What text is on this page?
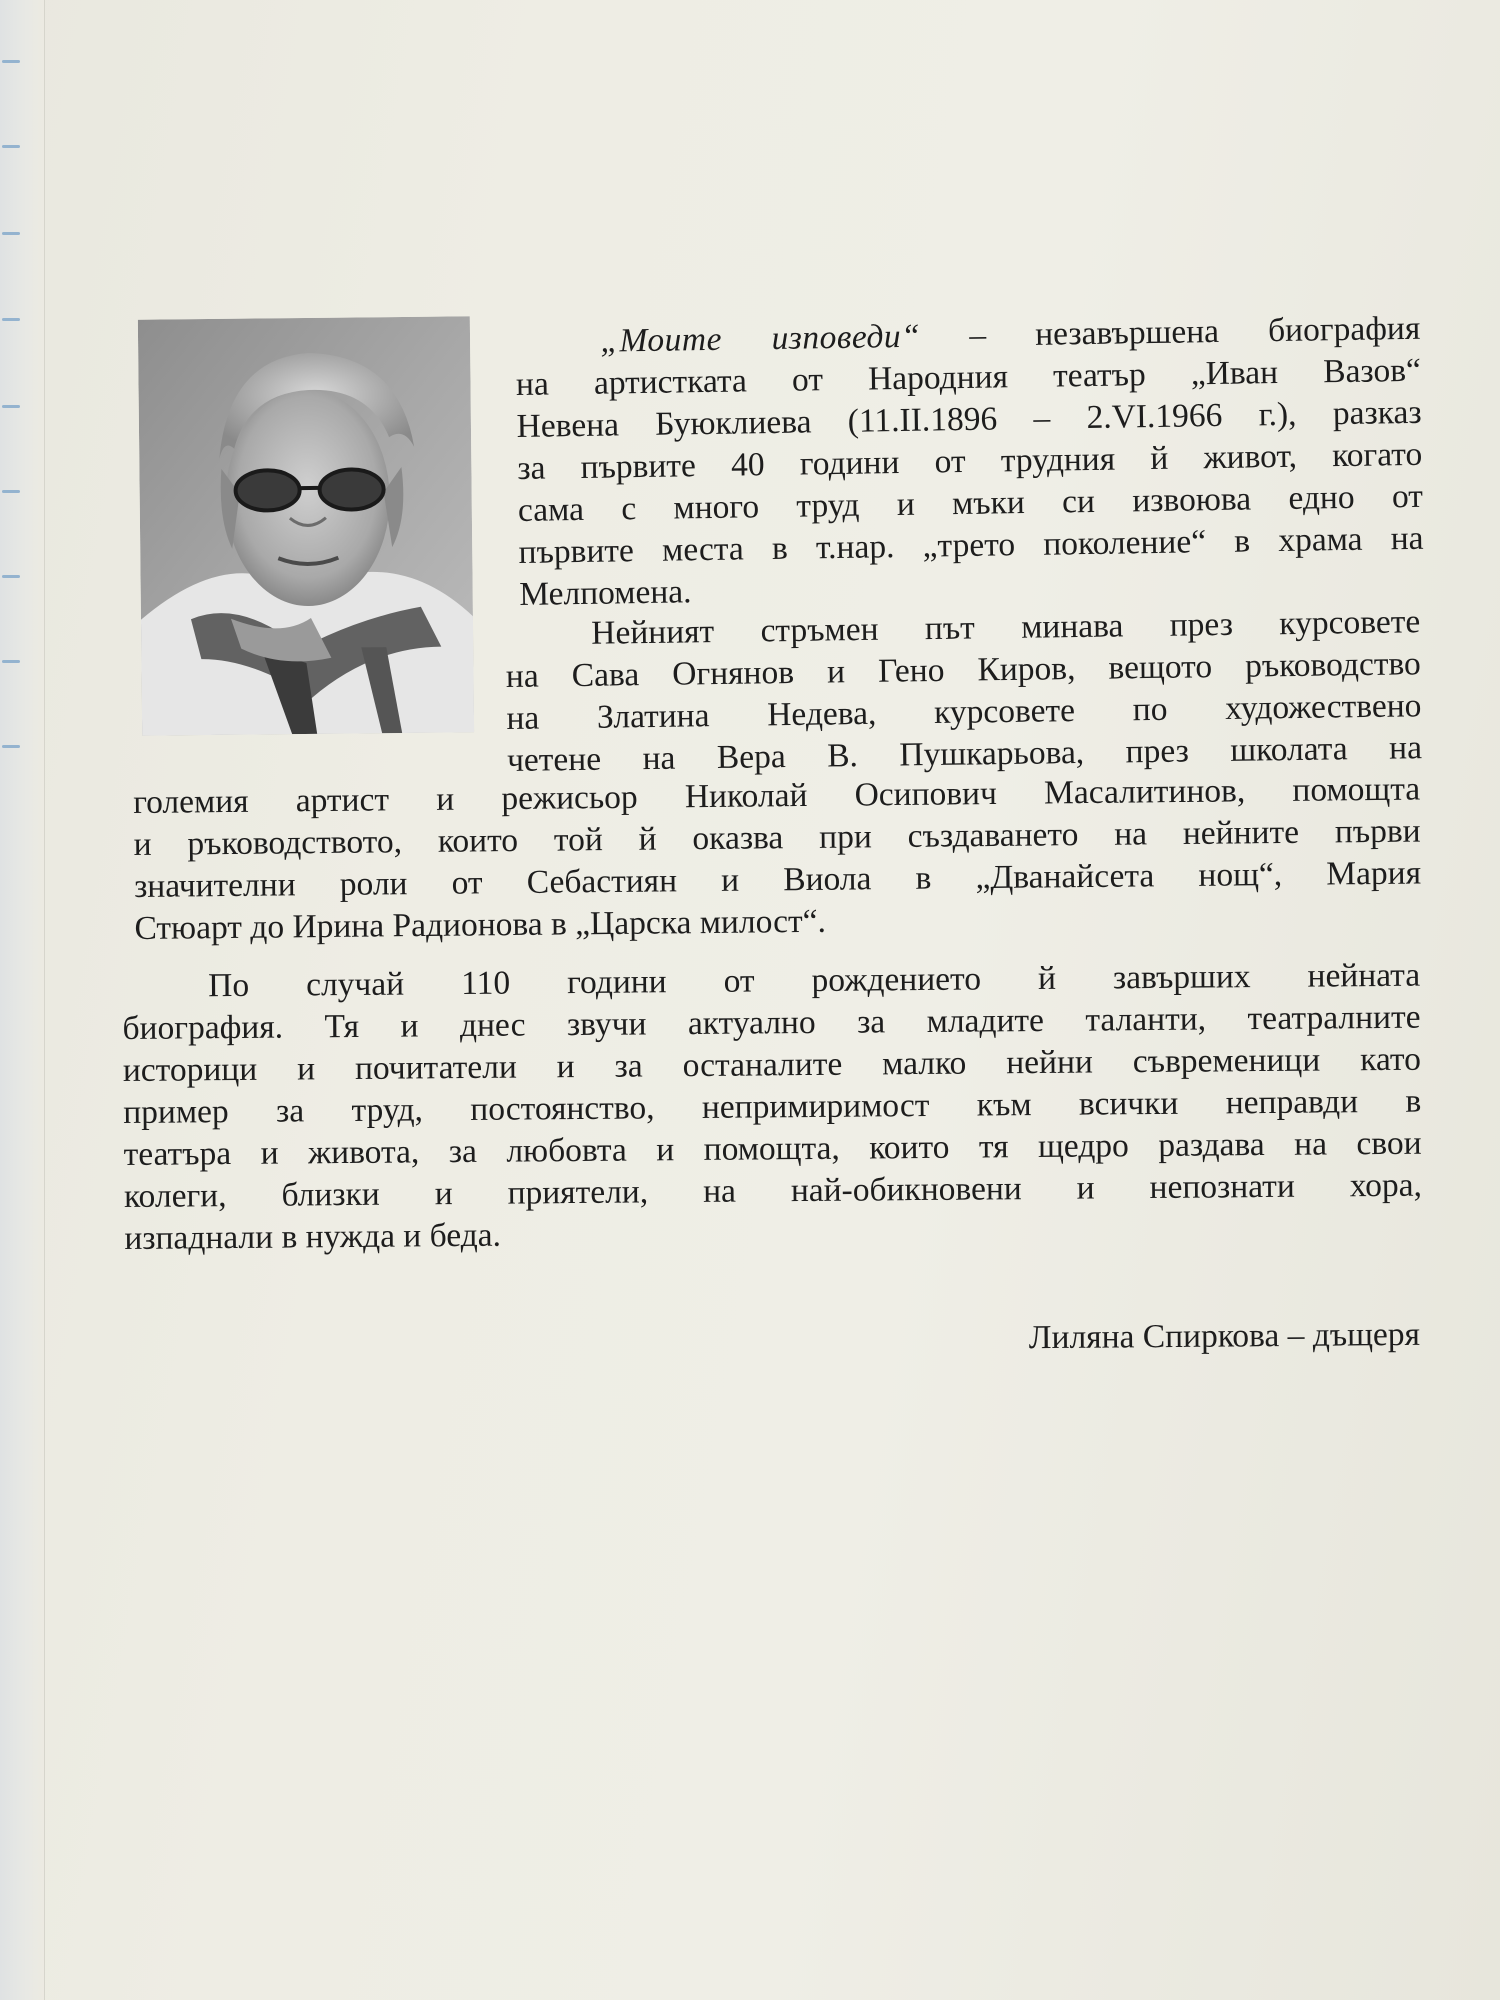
„Моите изповеди“ – незавършена биография
на артистката от Народния театър „Иван Вазов“
Невена Буюклиева (11.II.1896 – 2.VI.1966 г.), разказ
за първите 40 години от трудния й живот, когато
сама с много труд и мъки си извоюва едно от
първите места в т.нар. „трето поколение“ в храма на
Мелпомена.
Нейният стръмен път минава през курсовете
на Сава Огнянов и Гено Киров, вещото ръководство
на Златина Недева, курсовете по художествено
четене на Вера В. Пушкарьова, през школата на
големия артист и режисьор Николай Осипович Масалитинов, помощта
и ръководството, които той й оказва при създаването на нейните първи
значителни роли от Себастиян и Виола в „Дванайсета нощ“, Мария
Стюарт до Ирина Радионова в „Царска милост“.
По случай 110 години от рождението й завърших нейната
биография. Тя и днес звучи актуално за младите таланти, театралните
историци и почитатели и за останалите малко нейни съвременици като
пример за труд, постоянство, непримиримост към всички неправди в
театъра и живота, за любовта и помощта, които тя щедро раздава на свои
колеги, близки и приятели, на най-обикновени и непознати хора,
изпаднали в нужда и беда.
Лиляна Спиркова – дъщеря
